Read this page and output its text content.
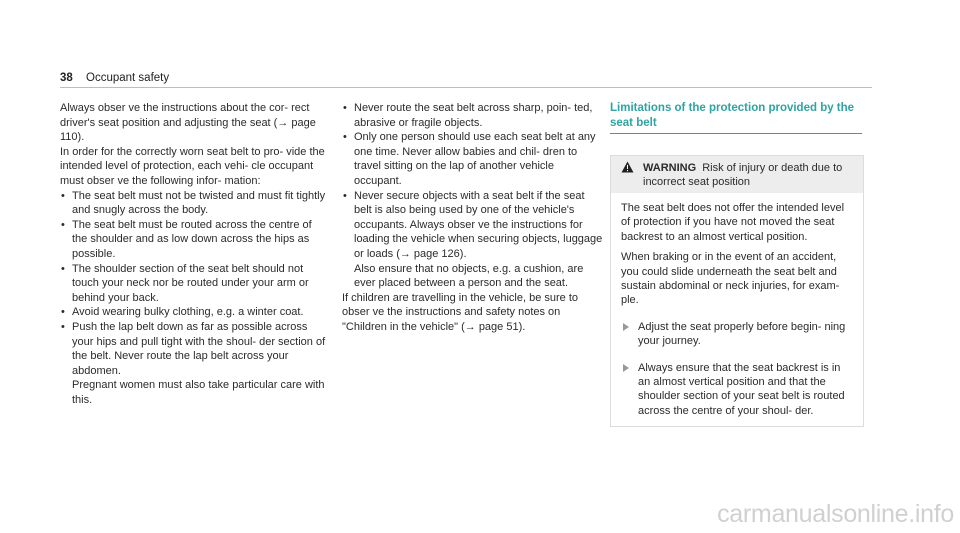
38 Occupant safety

Always obser ve the instructions about the cor- rect driver's seat position and adjusting the seat (→ page 110).

In order for the correctly worn seat belt to pro- vide the intended level of protection, each vehi- cle occupant must obser ve the following infor- mation:

• The seat belt must not be twisted and must fit tightly and snugly across the body.
• The seat belt must be routed across the centre of the shoulder and as low down across the hips as possible.
• The shoulder section of the seat belt should not touch your neck nor be routed under your arm or behind your back.
• Avoid wearing bulky clothing, e.g. a winter coat.
• Push the lap belt down as far as possible across your hips and pull tight with the shoul- der section of the belt. Never route the lap belt across your abdomen.

Pregnant women must also take particular care with this.

• Never route the seat belt across sharp, poin- ted, abrasive or fragile objects.
• Only one person should use each seat belt at any one time. Never allow babies and chil- dren to travel sitting on the lap of another vehicle occupant.
• Never secure objects with a seat belt if the seat belt is also being used by one of the vehicle's occupants. Always obser ve the instructions for loading the vehicle when securing objects, luggage or loads (→ page 126).

Also ensure that no objects, e.g. a cushion, are ever placed between a person and the seat.

If children are travelling in the vehicle, be sure to obser ve the instructions and safety notes on "Children in the vehicle" (→ page 51).

Limitations of the protection provided by the seat belt
WARNING Risk of injury or death due to incorrect seat position

The seat belt does not offer the intended level of protection if you have not moved the seat backrest to an almost vertical position.

When braking or in the event of an accident, you could slide underneath the seat belt and sustain abdominal or neck injuries, for exam- ple.

Adjust the seat properly before begin- ning your journey.
Always ensure that the seat backrest is in an almost vertical position and that the shoulder section of your seat belt is routed across the centre of your shoul- der.
carmanualsonline.info
